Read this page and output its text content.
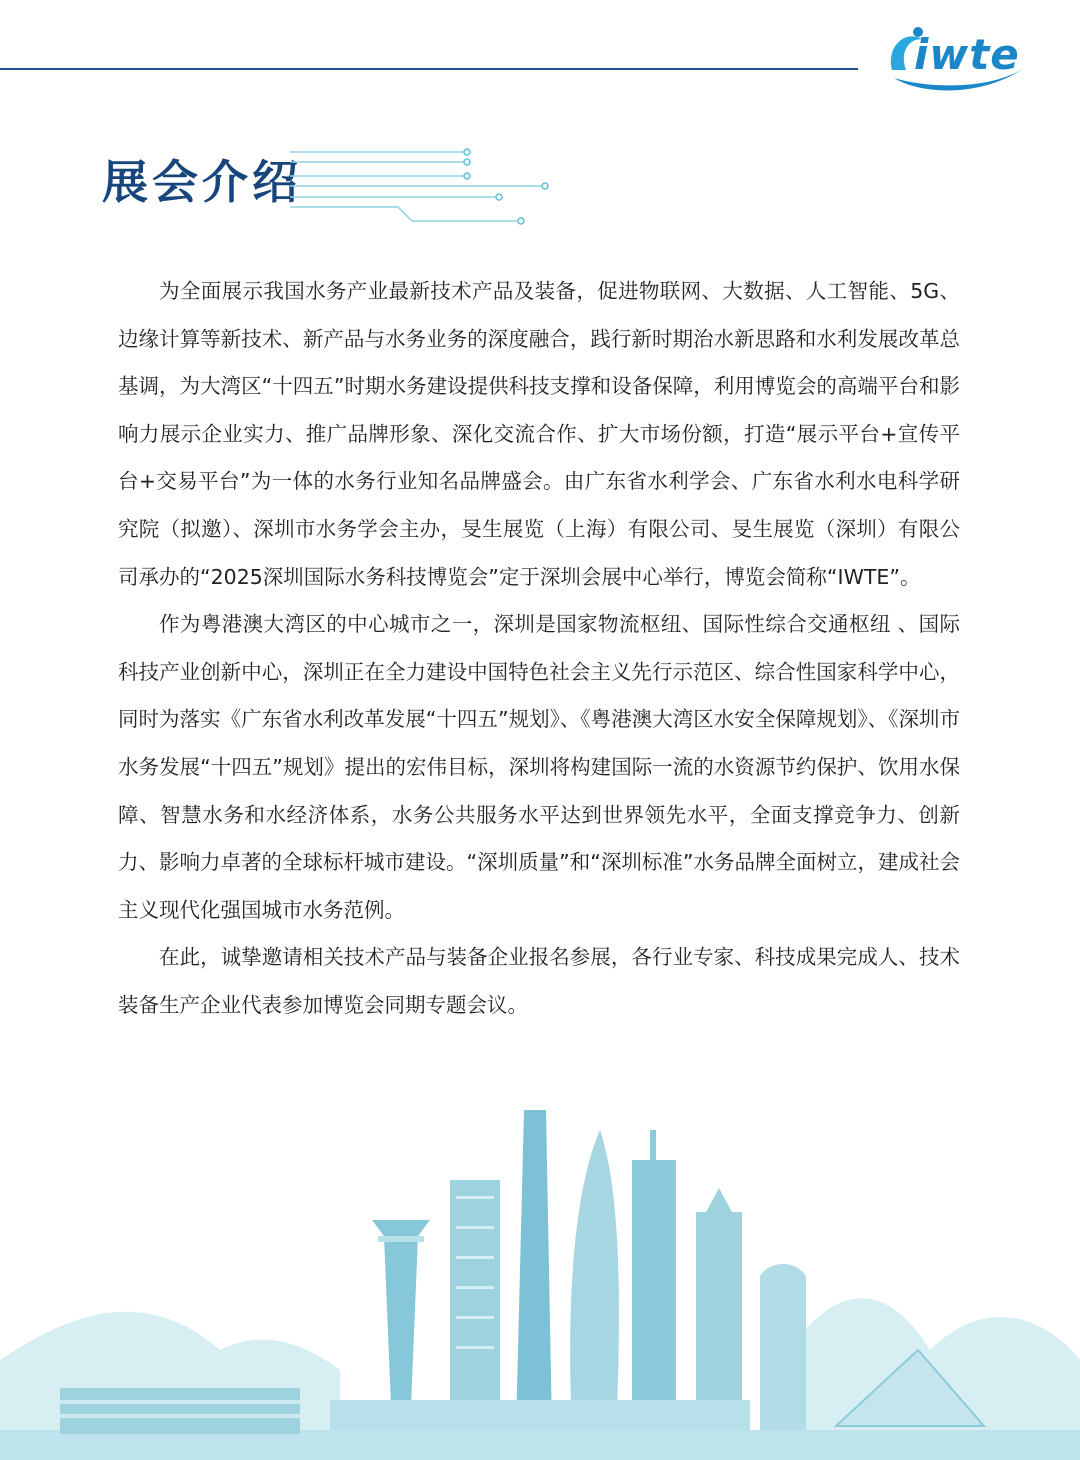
iwte
展会介绍

为全面展示我国水务产业最新技术产品及装备，促进物联网、大数据、人工智能、5G、边缘计算等新技术、新产品与水务业务的深度融合，践行新时期治水新思路和水利发展改革总基调，为大湾区“十四五”时期水务建设提供科技支撑和设备保障，利用博览会的高端平台和影响力展示企业实力、推广品牌形象、深化交流合作、扩大市场份额，打造“展示平台+宣传平台+交易平台”为一体的水务行业知名品牌盛会。由广东省水利学会、广东省水利水电科学研究院（拟邀）、深圳市水务学会主办，旻生展览（上海）有限公司、旻生展览（深圳）有限公司承办的“2025深圳国际水务科技博览会”定于深圳会展中心举行，博览会简称“IWTE”。

作为粤港澳大湾区的中心城市之一，深圳是国家物流枢纽、国际性综合交通枢纽 、国际科技产业创新中心，深圳正在全力建设中国特色社会主义先行示范区、综合性国家科学中心，同时为落实《广东省水利改革发展“十四五”规划》、《粤港澳大湾区水安全保障规划》、《深圳市水务发展“十四五”规划》提出的宏伟目标，深圳将构建国际一流的水资源节约保护、饮用水保障、智慧水务和水经济体系，水务公共服务水平达到世界领先水平，全面支撑竞争力、创新力、影响力卓著的全球标杆城市建设。“深圳质量”和“深圳标准”水务品牌全面树立，建成社会主义现代化强国城市水务范例。

在此，诚挚邀请相关技术产品与装备企业报名参展，各行业专家、科技成果完成人、技术装备生产企业代表参加博览会同期专题会议。
